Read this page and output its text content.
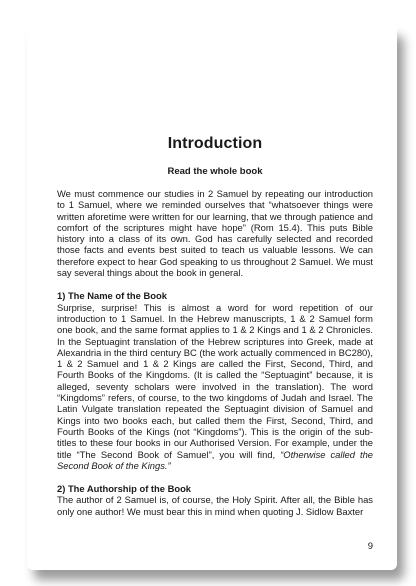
Introduction
Read the whole book

We must commence our studies in 2 Samuel by repeating our introduction to 1 Samuel, where we reminded ourselves that “whatsoever things were written aforetime were written for our learning, that we through patience and comfort of the scriptures might have hope” (Rom 15.4). This puts Bible history into a class of its own. God has carefully selected and recorded those facts and events best suited to teach us valuable lessons. We can therefore expect to hear God speaking to us throughout 2 Samuel. We must say several things about the book in general.

1) The Name of the Book

Surprise, surprise! This is almost a word for word repetition of our introduction to 1 Samuel. In the Hebrew manuscripts, 1 & 2 Samuel form one book, and the same format applies to 1 & 2 Kings and 1 & 2 Chronicles. In the Septuagint translation of the Hebrew scriptures into Greek, made at Alexandria in the third century BC (the work actually commenced in BC280), 1 & 2 Samuel and 1 & 2 Kings are called the First, Second, Third, and Fourth Books of the Kingdoms. (It is called the “Septuagint” because, it is alleged, seventy scholars were involved in the translation). The word “Kingdoms” refers, of course, to the two kingdoms of Judah and Israel. The Latin Vulgate translation repeated the Septuagint division of Samuel and Kings into two books each, but called them the First, Second, Third, and Fourth Books of the Kings (not “Kingdoms”). This is the origin of the sub-titles to these four books in our Authorised Version. For example, under the title “The Second Book of Samuel”, you will find, “Otherwise called the Second Book of the Kings.”

2) The Authorship of the Book

The author of 2 Samuel is, of course, the Holy Spirit. After all, the Bible has only one author! We must bear this in mind when quoting J. Sidlow Baxter

9
